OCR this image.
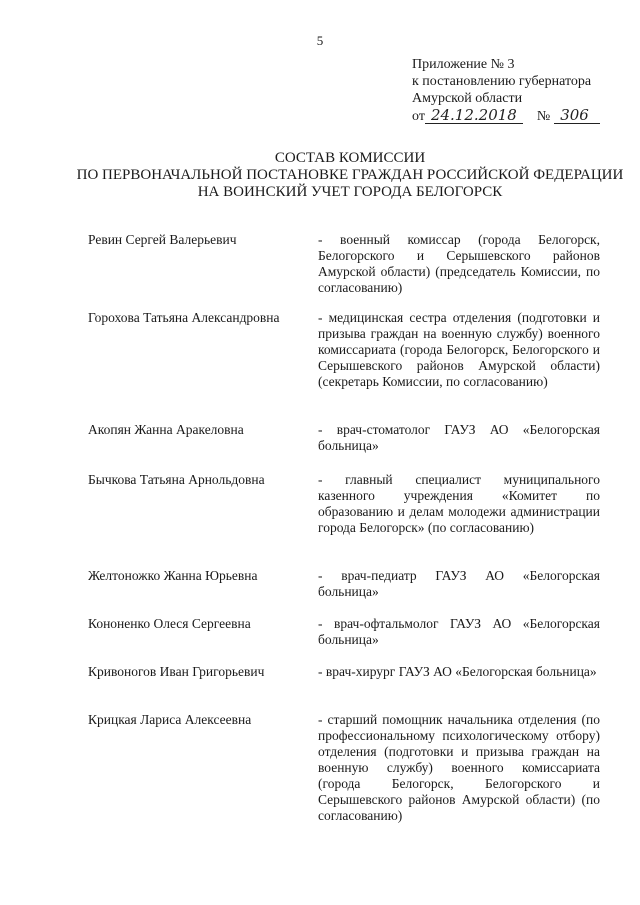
5
Приложение № 3
к постановлению губернатора
Амурской области
от 24.12.2018	№ 306
СОСТАВ КОМИССИИ
ПО ПЕРВОНАЧАЛЬНОЙ ПОСТАНОВКЕ ГРАЖДАН РОССИЙСКОЙ ФЕДЕРАЦИИ
НА ВОИНСКИЙ УЧЕТ ГОРОДА БЕЛОГОРСК
Ревин Сергей Валерьевич	- военный комиссар (города Белогорск, Белогорского и Серышевского районов Амурской области) (председатель Комиссии, по согласованию)
Горохова Татьяна Александровна	- медицинская сестра отделения (подготовки и призыва граждан на военную службу) военного комиссариата (города Белогорск, Белогорского и Серышевского районов Амурской области) (секретарь Комиссии, по согласованию)
Акопян Жанна Аракеловна	- врач-стоматолог ГАУЗ АО «Белогорская больница»
Бычкова Татьяна Арнольдовна	- главный специалист муниципального казенного учреждения «Комитет по образованию и делам молодежи администрации города Белогорск» (по согласованию)
Желтоножко Жанна Юрьевна	- врач-педиатр ГАУЗ АО «Белогорская больница»
Кононенко Олеся Сергеевна	- врач-офтальмолог ГАУЗ АО «Белогорская больница»
Кривоногов Иван Григорьевич	- врач-хирург ГАУЗ АО «Белогорская больница»
Крицкая Лариса Алексеевна	- старший помощник начальника отделения (по профессиональному психологическому отбору) отделения (подготовки и призыва граждан на военную службу) военного комиссариата (города Белогорск, Белогорского и Серышевского районов Амурской области) (по согласованию)
